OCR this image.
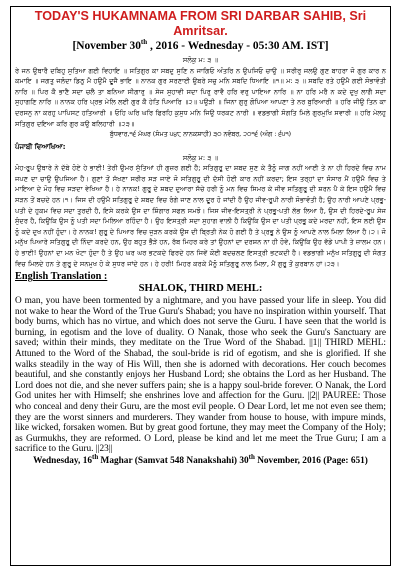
TODAY'S HUKAMNAMA FROM SRI DARBAR SAHIB, Sri
Amritsar.

[November 30th , 2016 - Wednesday - 05:30 AM. IST]

ਸਲੋਕੁ ਮ: ੩ ॥

ਰੇ ਜਨ ਉਥਾਰੈ ਦਬਿਹੁ ਸੁਤਿਆ ਗਈ ਵਿਹਾਇ ॥ ਸਤਿਗੁਰ ਕਾ ਸਬਦੁ ਸੁਣਿ ਨ ਜਾਗਿਓ ਅੰਤਰਿ ਨ ਉਪਜਿਓ ਚਾਉ ॥ ਸਰੀਰੁ ਜਲਉ ਗੁਣ ਬਾਹਰਾ ਜੋ ਗੁਰ ਕਾਰ ਨ ਕਮਾਇ ॥ ਜਗਤੁ ਜਲੰਦਾ ਡਿਠੁ ਮੈ ਹਉਮੈ ਦੂਜੈ ਭਾਇ ॥ ਨਾਨਕ ਗੁਰ ਸਰਣਾਈ ਉਬਰੇ ਸਚੁ ਮਨਿ ਸਬਦਿ ਧਿਆਇ ॥੧॥ ਮ: ੩ ॥ ਸਬਦਿ ਰਤੇ ਹਉਮੈ ਗਈ ਸੋਭਾਵੰਤੀ ਨਾਰਿ ॥ ਪਿਰ ਕੈ ਭਾਣੈ ਸਦਾ ਚਲੈ ਤਾ ਬਨਿਆ ਸੀਗਾਰੁ ॥ ਸੇਜ ਸੁਹਾਵੀ ਸਦਾ ਪਿਰੁ ਰਾਵੈ ਹਰਿ ਵਰੁ ਪਾਇਆ ਨਾਰਿ ॥ ਨਾ ਹਰਿ ਮਰੈ ਨ ਕਦੇ ਦੁਖੁ ਲਾਗੈ ਸਦਾ ਸੁਹਾਗਣਿ ਨਾਰਿ ॥ ਨਾਨਕ ਹਰਿ ਪ੍ਰਭ ਮੇਲਿ ਲਈ ਗੁਰ ਕੈ ਹੇਤਿ ਪਿਆਰਿ ॥੨॥ ਪਉੜੀ ॥ ਜਿਨਾ ਗੁਰੁ ਗੋਪਿਆ ਆਪਣਾ ਤੇ ਨਰ ਬੁਰਿਆਰੀ ॥ ਹਰਿ ਜੀਉ ਤਿਨ ਕਾ ਦਰਸਨੁ ਨਾ ਕਰਹੁ ਪਾਪਿਸਟ ਹਤਿਆਰੀ ॥ ਓਹਿ ਘਰਿ ਘਰਿ ਫਿਰਹਿ ਕੁਸੁਧ ਮਨਿ ਜਿਉ ਧਰਕਟ ਨਾਰੀ ॥ ਵਡਭਾਗੀ ਸੰਗਤਿ ਮਿਲੇ ਗੁਰਮੁਖਿ ਸਵਾਰੀ ॥ ਹਰਿ ਮੇਲਹੁ ਸਤਿਗੁਰ ਦਇਆ ਕਰਿ ਗੁਰ ਕਉ ਬਲਿਹਾਰੀ ॥੨੩॥

ਬੁੱਧਵਾਰ,੧੬ ਮੱਘਰ (ਸੰਮਤ ੫੪੮ ਨਾਨਕਸ਼ਾਹੀ) ੩੦ ਨਵੰਬਰ, ੨੦੧੬ (ਅੰਗ : ੬੫੧)

ਪੰਜਾਬੀ ਵਿਆਖਿਆ:

ਸਲੋਕੁ ਮ: ੩ ॥

ਮੋਹ-ਰੂਪ ਉਥਾਰੇ ਨੇ ਦੱਬੇ ਹੋਏ ਹੇ ਭਾਈ! ਤੇਰੀ ਉਮਰ ਸੁੱਤਿਆਂ ਹੀ ਗੁਜ਼ਰ ਗਈ ਹੈ; ਸਤਿਗੁਰੂ ਦਾ ਸ਼ਬਦ ਸੁਣ ਕੇ ਤੈਨੂੰ ਜਾਗ ਨਹੀਂ ਆਈ ਤੇ ਨਾ ਹੀ ਹਿਰਦੇ ਵਿਚ ਨਾਮ ਜਪਣ ਦਾ ਚਾਉ ਉਪਜਿਆ ਹੈ। ਗੁਣਾਂ ਤੋਂ ਸੱਖਣਾ ਸਰੀਰ ਸੜ ਜਾਏ ਜੋ ਸਤਿਗੁਰੂ ਦੀ ਦੱਸੀ ਹੋਈ ਕਾਰ ਨਹੀਂ ਕਰਦਾ; ਇਸ ਤਰ੍ਹਾਂ ਦਾ ਸੰਸਾਰ ਮੈਂ ਹਉਮੈ ਵਿਚ ਤੇ ਮਾਇਆ ਦੇ ਮੋਹ ਵਿਚ ਸੜਦਾ ਵੇਖਿਆ ਹੈ। ਹੇ ਨਾਨਕ! ਗੁਰੂ ਦੇ ਸ਼ਬਦ ਦੁਆਰਾ ਸੱਚੇ ਹਰੀ ਨੂੰ ਮਨ ਵਿਚ ਸਿਮਰ ਕੇ ਜੀਵ ਸਤਿਗੁਰੂ ਦੀ ਸ਼ਰਨ ਪੈ ਕੇ ਇਸ ਹਉਮੈ ਵਿਚ ਸੜਨ ਤੋਂ ਬਚਦੇ ਹਨ।੧। ਜਿਸ ਦੀ ਹਉਮੈ ਸਤਿਗੁਰੂ ਦੇ ਸ਼ਬਦ ਵਿਚ ਰੰਗੇ ਜਾਣ ਨਾਲ ਦੂਰ ਹੋ ਜਾਂਦੀ ਹੈ ਉਹ ਜੀਵ-ਰੂਪੀ ਨਾਰੀ ਸੋਭਾਵੰਤੀ ਹੈ; ਉਹ ਨਾਰੀ ਆਪਣੇ ਪ੍ਰਭੂ-ਪਤੀ ਦੇ ਹੁਕਮ ਵਿਚ ਸਦਾ ਤੁਰਦੀ ਹੈ, ਇਸੇ ਕਰਕੇ ਉਸ ਦਾ ਸ਼ਿੰਗਾਰ ਸਫਲ ਸਮਝੋ। ਜਿਸ ਜੀਵ-ਇਸਤ੍ਰੀ ਨੇ ਪ੍ਰਭੂ-ਪਤੀ ਲੱਭ ਲਿਆ ਹੈ, ਉਸ ਦੀ ਹਿਰਦੇ-ਰੂਪ ਸੇਜ ਸੁੰਦਰ ਹੈ, ਕਿਉਂਕਿ ਉਸ ਨੂੰ ਪਤੀ ਸਦਾ ਮਿਲਿਆ ਰਹਿੰਦਾ ਹੈ। ਉਹ ਇਸਤ੍ਰੀ ਸਦਾ ਸੁਹਾਗ ਵਾਲੀ ਹੈ ਕਿਉਂਕਿ ਉਸ ਦਾ ਪਤੀ ਪ੍ਰਭੂ ਕਦੇ ਮਰਦਾ ਨਹੀਂ, ਇਸ ਲਈ ਉਸ ਨੂੰ ਕਦੇ ਦੁਖ ਨਹੀਂ ਹੁੰਦਾ। ਹੇ ਨਾਨਕ! ਗੁਰੂ ਦੇ ਪਿਆਰ ਵਿਚ ਜੁੜਨ ਕਰਕੇ ਉਸ ਦੀ ਬ੍ਰਿਤੀ ਨੇਕ ਹੋ ਗਈ ਹੈ ਤੇ ਪ੍ਰਭੂ ਨੇ ਉਸ ਨੂੰ ਆਪਣੇ ਨਾਲ ਮਿਲਾ ਲਿਆ ਹੈ।੨। ਜੋ ਮਨੁੱਖ ਪਿਆਰੇ ਸਤਿਗੁਰੂ ਦੀ ਨਿੰਦਾ ਕਰਦੇ ਹਨ, ਉਹ ਬਹੁਤ ਭੈੜੇ ਹਨ, ਰੱਬ ਮਿਹਰ ਕਰੇ ਤਾਂ ਉਹਨਾਂ ਦਾ ਦਰਸ਼ਨ ਨਾ ਹੀ ਹੋਵੇ, ਕਿਉਂਕਿ ਉਹ ਵੱਡੇ ਪਾਪੀ ਤੇ ਜ਼ਾਲਮ ਹਨ। ਹੇ ਭਾਈ! ਉਹਨਾਂ ਦਾ ਮਨ ਖੋਟਾ ਹੁੰਦਾ ਹੈ ਤੇ ਉਹ ਘਰ ਘਰ ਭਟਕਦੇ ਫਿਰਦੇ ਹਨ ਜਿਵੇਂ ਕੋਈ ਬਦਚਲਣ ਇਸਤ੍ਰੀ ਭਟਕਦੀ ਹੈ। ਵਡਭਾਗੀ ਮਨੁੱਖ ਸਤਿਗੁਰੂ ਦੀ ਸੰਗਤ ਵਿਚ ਮਿਲਦੇ ਹਨ ਤੇ ਗੁਰੂ ਦੇ ਸਨਮੁਖ ਹੋ ਕੇ ਸੁਧਰ ਜਾਂਦੇ ਹਨ। ਹੇ ਹਰੀ! ਮਿਹਰ ਕਰਕੇ ਮੈਨੂੰ ਸਤਿਗੁਰੂ ਨਾਲ ਮਿਲਾ, ਮੈਂ ਗੁਰੂ ਤੋਂ ਕੁਰਬਾਨ ਹਾਂ।੨੩।

English Translation :

SHALOK, THIRD MEHL:

O man, you have been tormented by a nightmare, and you have passed your life in sleep. You did not wake to hear the Word of the True Guru's Shabad; you have no inspiration within yourself. That body burns, which has no virtue, and which does not serve the Guru. I have seen that the world is burning, in egotism and the love of duality. O Nanak, those who seek the Guru's Sanctuary are saved; within their minds, they meditate on the True Word of the Shabad. ||1|| THIRD MEHL: Attuned to the Word of the Shabad, the soul-bride is rid of egotism, and she is glorified. If she walks steadily in the way of His Will, then she is adorned with decorations. Her couch becomes beautiful, and she constantly enjoys her Husband Lord; she obtains the Lord as her Husband. The Lord does not die, and she never suffers pain; she is a happy soul-bride forever. O Nanak, the Lord God unites her with Himself; she enshrines love and affection for the Guru. ||2|| PAUREE: Those who conceal and deny their Guru, are the most evil people. O Dear Lord, let me not even see them; they are the worst sinners and murderers. They wander from house to house, with impure minds, like wicked, forsaken women. But by great good fortune, they may meet the Company of the Holy; as Gurmukhs, they are reformed. O Lord, please be kind and let me meet the True Guru; I am a sacrifice to the Guru. ||23||

Wednesday, 16th Maghar (Samvat 548 Nanakshahi) 30th November, 2016 (Page: 651)
